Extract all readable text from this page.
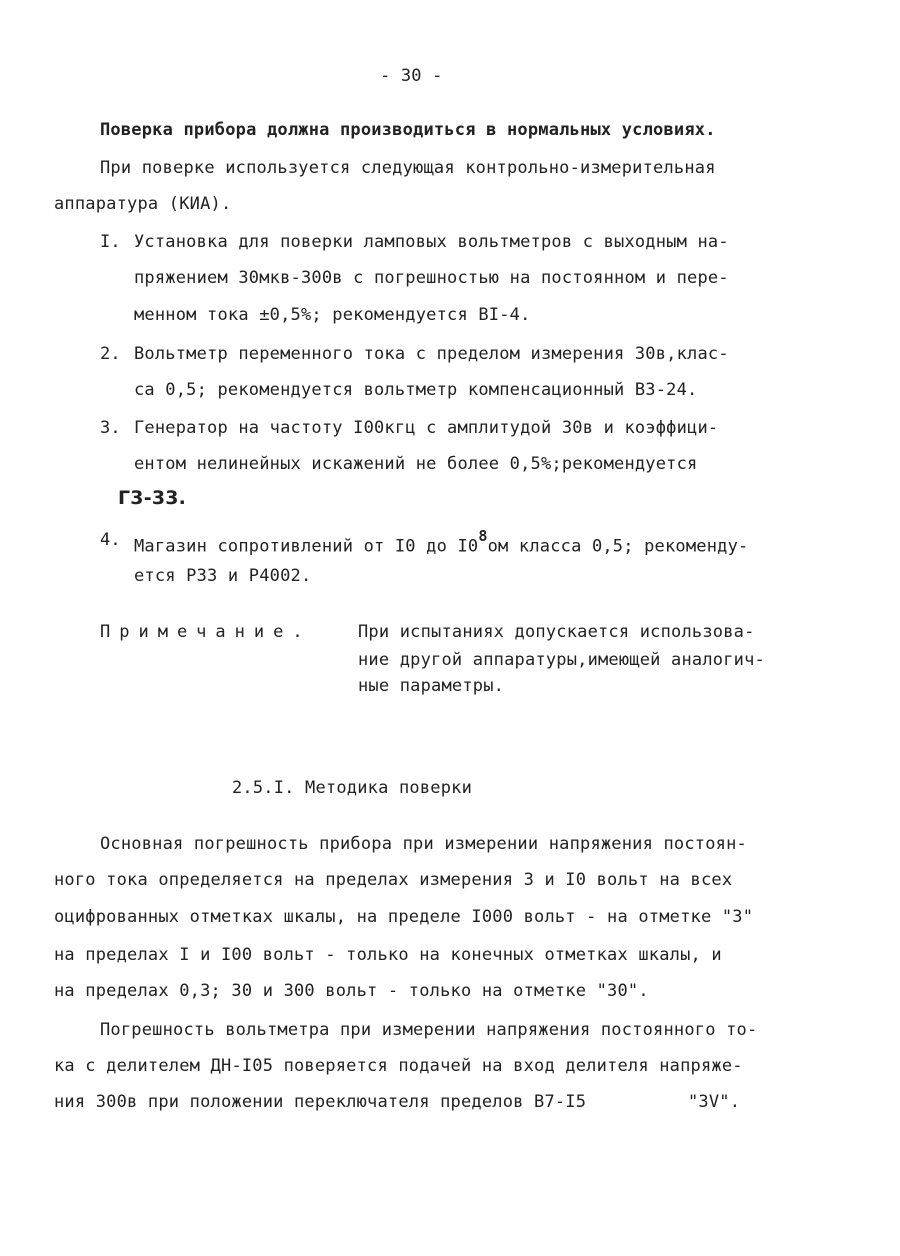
- 30 -
Поверка прибора должна производиться в нормальных условиях.
При поверке используется следующая контрольно-измерительная
аппаратура (КИА).
I. Установка для поверки ламповых вольтметров с выходным на-
пряжением 30мкв-300в с погрешностью на постоянном и пере-
менном тока ±0,5%; рекомендуется ВI-4.
2. Вольтметр переменного тока с пределом измерения 30в,клас-
са 0,5; рекомендуется вольтметр компенсационный В3-24.
3. Генератор на частоту I00кгц с амплитудой 30в и коэффици-
ентом нелинейных искажений не более 0,5%;рекомендуется
Г3-33.
4. Магазин сопротивлений от I0 до $I0^8ом$ класса 0,5; рекоменду-
ется Р33 и Р4002.
Примечание.	При испытаниях допускается использова-
ние другой аппаратуры,имеющей аналогич-
ные параметры.
2.5.I. Методика поверки
Основная погрешность прибора при измерении напряжения постоян-
ного тока определяется на пределах измерения 3 и I0 вольт на всех
оцифрованных отметках шкалы, на пределе I000 вольт - на отметке "3"
на пределах I и I00 вольт - только на конечных отметках шкалы, и
на пределах 0,3; 30 и 300 вольт - только на отметке "30".
Погрешность вольтметра при измерении напряжения постоянного то-
ка с делителем ДН-I05 поверяется подачей на вход делителя напряже-
ния 300в при положении переключателя пределов В7-I5	"3V".
